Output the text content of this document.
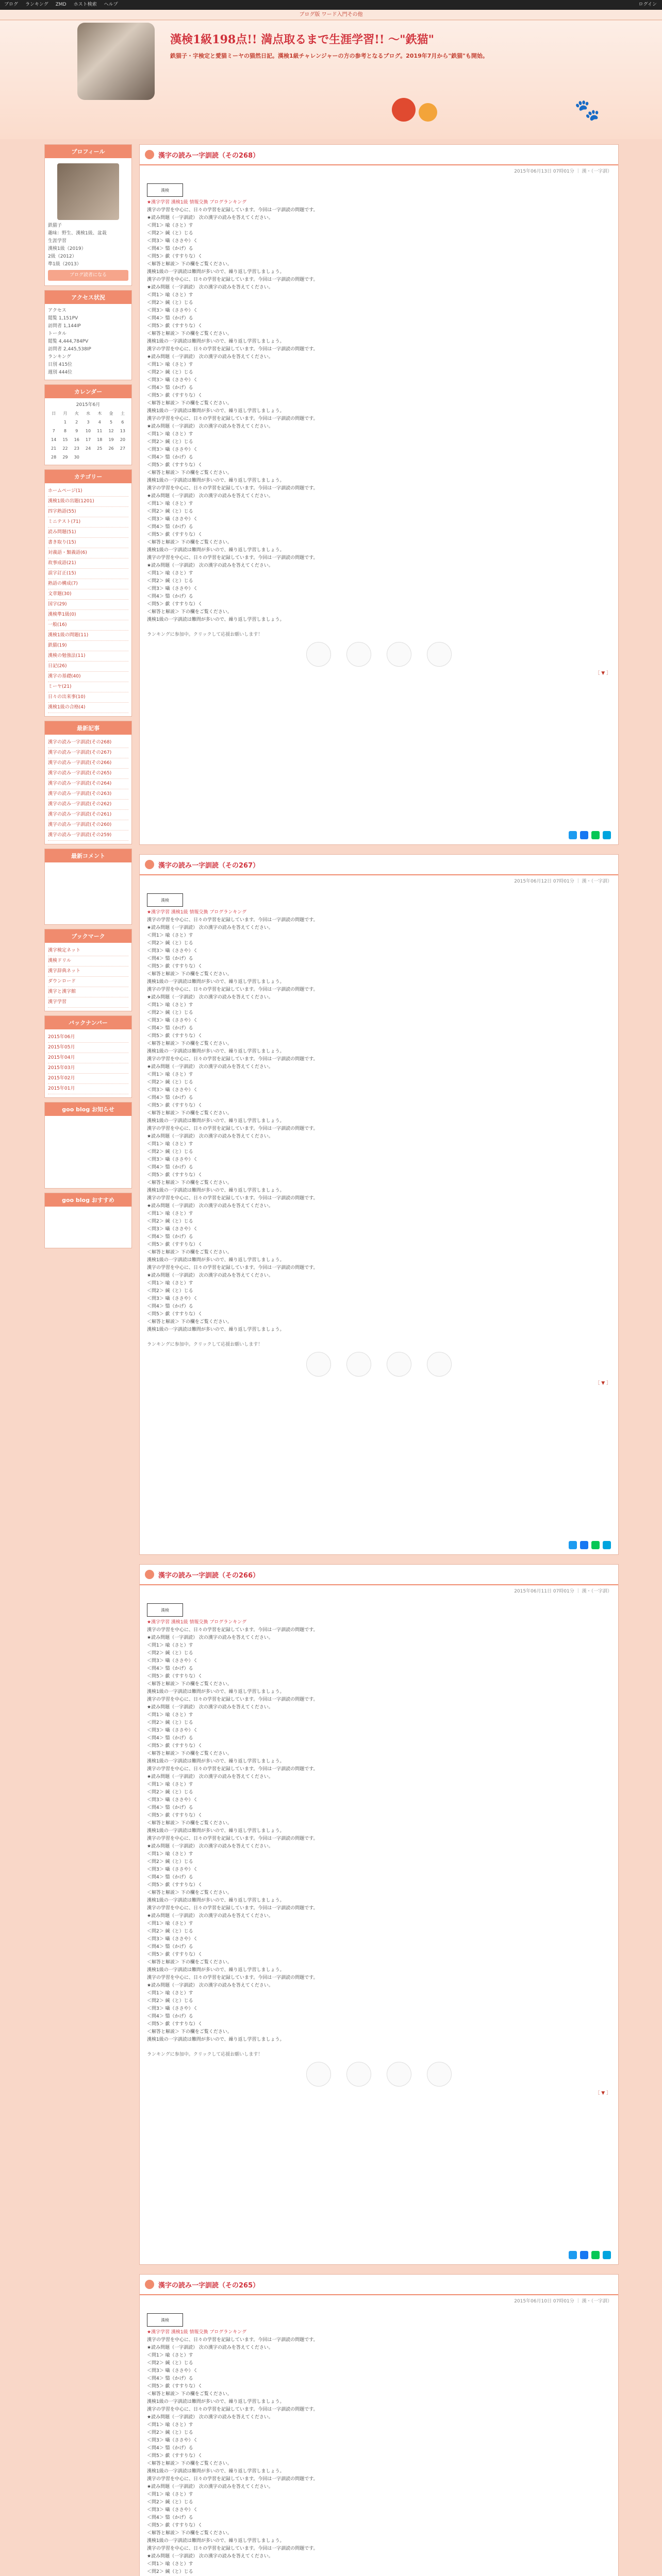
ブログ ランキング ZMD ホスト検索 ヘルプ	ログイン
ブログ版 ワード入門その他
漢検1級198点!! 満点取るまで生涯学習!! ～"鉄猫"
鉄猫子・字検定と愛猫ミーヤの猫然日記。漢検1級チャレンジャーの方の参考となるブログ。2019年7月から"鉄猫"も開始。
🐾
プロフィール
鉄猫子
趣味：野生、漢検1級、盆栽
生涯学習
漢検1級（2019）
2級（2012）
準1級（2013）
ブログ読者になる
アクセス状況
アクセス
閲覧 1,151PV
訪問者 1,144IP
トータル
閲覧 4,444,784PV
訪問者 2,445,538IP
ランキング
日別 415位
週別 444位
カレンダー
2015年6月
日	月	火	水	木	金	土
	1	2	3	4	5	6
7	8	9	10	11	12	13
14	15	16	17	18	19	20
21	22	23	24	25	26	27
28	29	30				
カテゴリー
ホームページ(1)
漢検1級の出題(1201)
四字熟語(55)
ミニテスト(71)
読み問題(51)
書き取り(15)
対義語・類義語(6)
故事成語(21)
誤字訂正(15)
熟語の構成(7)
文章題(30)
国字(29)
漢検準1級(0)
一般(16)
漢検1級の問題(11)
鉄猫(19)
漢検の勉強法(11)
日記(26)
漢字の基礎(40)
ミーヤ(21)
日々の出来事(10)
漢検1級の合格(4)
最新記事
漢字の読み一字訓読(その268)
漢字の読み一字訓読(その267)
漢字の読み一字訓読(その266)
漢字の読み一字訓読(その265)
漢字の読み一字訓読(その264)
漢字の読み一字訓読(その263)
漢字の読み一字訓読(その262)
漢字の読み一字訓読(その261)
漢字の読み一字訓読(その260)
漢字の読み一字訓読(その259)
最新コメント
ブックマーク
漢字検定ネット
漢検ドリル
漢字辞典ネット
ダウンロード
漢字と漢字館
漢字学習
バックナンバー
2015年06月
2015年05月
2015年04月
2015年03月
2015年02月
2015年01月
goo blog お知らせ
goo blog おすすめ
漢字の読み一字訓読（その268）
2015年06月13日 07時01分 ｜ 漢・（一字訓）
漢検
★漢字学習 漢検1級 情報交換 ブログランキング
漢字の学習を中心に、日々の学習を記録しています。今回は一字訓読の問題です。
★読み問題（一字訓読） 次の漢字の読みを答えてください。
＜問1＞ 喩（さと）す
＜問2＞ 緘（と）じる
＜問3＞ 囁（ささや）く
＜問4＞ 翳（かげ）る
＜問5＞ 歔（すすりな）く
＜解答と解説＞ 下の欄をご覧ください。
漢検1級の一字訓読は難問が多いので、繰り返し学習しましょう。
漢字の学習を中心に、日々の学習を記録しています。今回は一字訓読の問題です。
★読み問題（一字訓読） 次の漢字の読みを答えてください。
＜問1＞ 喩（さと）す
＜問2＞ 緘（と）じる
＜問3＞ 囁（ささや）く
＜問4＞ 翳（かげ）る
＜問5＞ 歔（すすりな）く
＜解答と解説＞ 下の欄をご覧ください。
漢検1級の一字訓読は難問が多いので、繰り返し学習しましょう。
漢字の学習を中心に、日々の学習を記録しています。今回は一字訓読の問題です。
★読み問題（一字訓読） 次の漢字の読みを答えてください。
＜問1＞ 喩（さと）す
＜問2＞ 緘（と）じる
＜問3＞ 囁（ささや）く
＜問4＞ 翳（かげ）る
＜問5＞ 歔（すすりな）く
＜解答と解説＞ 下の欄をご覧ください。
漢検1級の一字訓読は難問が多いので、繰り返し学習しましょう。
漢字の学習を中心に、日々の学習を記録しています。今回は一字訓読の問題です。
★読み問題（一字訓読） 次の漢字の読みを答えてください。
＜問1＞ 喩（さと）す
＜問2＞ 緘（と）じる
＜問3＞ 囁（ささや）く
＜問4＞ 翳（かげ）る
＜問5＞ 歔（すすりな）く
＜解答と解説＞ 下の欄をご覧ください。
漢検1級の一字訓読は難問が多いので、繰り返し学習しましょう。
漢字の学習を中心に、日々の学習を記録しています。今回は一字訓読の問題です。
★読み問題（一字訓読） 次の漢字の読みを答えてください。
＜問1＞ 喩（さと）す
＜問2＞ 緘（と）じる
＜問3＞ 囁（ささや）く
＜問4＞ 翳（かげ）る
＜問5＞ 歔（すすりな）く
＜解答と解説＞ 下の欄をご覧ください。
漢検1級の一字訓読は難問が多いので、繰り返し学習しましょう。
漢字の学習を中心に、日々の学習を記録しています。今回は一字訓読の問題です。
★読み問題（一字訓読） 次の漢字の読みを答えてください。
＜問1＞ 喩（さと）す
＜問2＞ 緘（と）じる
＜問3＞ 囁（ささや）く
＜問4＞ 翳（かげ）る
＜問5＞ 歔（すすりな）く
＜解答と解説＞ 下の欄をご覧ください。
漢検1級の一字訓読は難問が多いので、繰り返し学習しましょう。
ランキングに参加中。クリックして応援お願いします！
［ ▼ ］
漢字の読み一字訓読（その267）
2015年06月12日 07時01分 ｜ 漢・（一字訓）
漢検
★漢字学習 漢検1級 情報交換 ブログランキング
漢字の学習を中心に、日々の学習を記録しています。今回は一字訓読の問題です。
★読み問題（一字訓読） 次の漢字の読みを答えてください。
＜問1＞ 喩（さと）す
＜問2＞ 緘（と）じる
＜問3＞ 囁（ささや）く
＜問4＞ 翳（かげ）る
＜問5＞ 歔（すすりな）く
＜解答と解説＞ 下の欄をご覧ください。
漢検1級の一字訓読は難問が多いので、繰り返し学習しましょう。
漢字の学習を中心に、日々の学習を記録しています。今回は一字訓読の問題です。
★読み問題（一字訓読） 次の漢字の読みを答えてください。
＜問1＞ 喩（さと）す
＜問2＞ 緘（と）じる
＜問3＞ 囁（ささや）く
＜問4＞ 翳（かげ）る
＜問5＞ 歔（すすりな）く
＜解答と解説＞ 下の欄をご覧ください。
漢検1級の一字訓読は難問が多いので、繰り返し学習しましょう。
漢字の学習を中心に、日々の学習を記録しています。今回は一字訓読の問題です。
★読み問題（一字訓読） 次の漢字の読みを答えてください。
＜問1＞ 喩（さと）す
＜問2＞ 緘（と）じる
＜問3＞ 囁（ささや）く
＜問4＞ 翳（かげ）る
＜問5＞ 歔（すすりな）く
＜解答と解説＞ 下の欄をご覧ください。
漢検1級の一字訓読は難問が多いので、繰り返し学習しましょう。
漢字の学習を中心に、日々の学習を記録しています。今回は一字訓読の問題です。
★読み問題（一字訓読） 次の漢字の読みを答えてください。
＜問1＞ 喩（さと）す
＜問2＞ 緘（と）じる
＜問3＞ 囁（ささや）く
＜問4＞ 翳（かげ）る
＜問5＞ 歔（すすりな）く
＜解答と解説＞ 下の欄をご覧ください。
漢検1級の一字訓読は難問が多いので、繰り返し学習しましょう。
漢字の学習を中心に、日々の学習を記録しています。今回は一字訓読の問題です。
★読み問題（一字訓読） 次の漢字の読みを答えてください。
＜問1＞ 喩（さと）す
＜問2＞ 緘（と）じる
＜問3＞ 囁（ささや）く
＜問4＞ 翳（かげ）る
＜問5＞ 歔（すすりな）く
＜解答と解説＞ 下の欄をご覧ください。
漢検1級の一字訓読は難問が多いので、繰り返し学習しましょう。
漢字の学習を中心に、日々の学習を記録しています。今回は一字訓読の問題です。
★読み問題（一字訓読） 次の漢字の読みを答えてください。
＜問1＞ 喩（さと）す
＜問2＞ 緘（と）じる
＜問3＞ 囁（ささや）く
＜問4＞ 翳（かげ）る
＜問5＞ 歔（すすりな）く
＜解答と解説＞ 下の欄をご覧ください。
漢検1級の一字訓読は難問が多いので、繰り返し学習しましょう。
ランキングに参加中。クリックして応援お願いします！
［ ▼ ］
漢字の読み一字訓読（その266）
2015年06月11日 07時01分 ｜ 漢・（一字訓）
漢検
★漢字学習 漢検1級 情報交換 ブログランキング
漢字の学習を中心に、日々の学習を記録しています。今回は一字訓読の問題です。
★読み問題（一字訓読） 次の漢字の読みを答えてください。
＜問1＞ 喩（さと）す
＜問2＞ 緘（と）じる
＜問3＞ 囁（ささや）く
＜問4＞ 翳（かげ）る
＜問5＞ 歔（すすりな）く
＜解答と解説＞ 下の欄をご覧ください。
漢検1級の一字訓読は難問が多いので、繰り返し学習しましょう。
漢字の学習を中心に、日々の学習を記録しています。今回は一字訓読の問題です。
★読み問題（一字訓読） 次の漢字の読みを答えてください。
＜問1＞ 喩（さと）す
＜問2＞ 緘（と）じる
＜問3＞ 囁（ささや）く
＜問4＞ 翳（かげ）る
＜問5＞ 歔（すすりな）く
＜解答と解説＞ 下の欄をご覧ください。
漢検1級の一字訓読は難問が多いので、繰り返し学習しましょう。
漢字の学習を中心に、日々の学習を記録しています。今回は一字訓読の問題です。
★読み問題（一字訓読） 次の漢字の読みを答えてください。
＜問1＞ 喩（さと）す
＜問2＞ 緘（と）じる
＜問3＞ 囁（ささや）く
＜問4＞ 翳（かげ）る
＜問5＞ 歔（すすりな）く
＜解答と解説＞ 下の欄をご覧ください。
漢検1級の一字訓読は難問が多いので、繰り返し学習しましょう。
漢字の学習を中心に、日々の学習を記録しています。今回は一字訓読の問題です。
★読み問題（一字訓読） 次の漢字の読みを答えてください。
＜問1＞ 喩（さと）す
＜問2＞ 緘（と）じる
＜問3＞ 囁（ささや）く
＜問4＞ 翳（かげ）る
＜問5＞ 歔（すすりな）く
＜解答と解説＞ 下の欄をご覧ください。
漢検1級の一字訓読は難問が多いので、繰り返し学習しましょう。
漢字の学習を中心に、日々の学習を記録しています。今回は一字訓読の問題です。
★読み問題（一字訓読） 次の漢字の読みを答えてください。
＜問1＞ 喩（さと）す
＜問2＞ 緘（と）じる
＜問3＞ 囁（ささや）く
＜問4＞ 翳（かげ）る
＜問5＞ 歔（すすりな）く
＜解答と解説＞ 下の欄をご覧ください。
漢検1級の一字訓読は難問が多いので、繰り返し学習しましょう。
漢字の学習を中心に、日々の学習を記録しています。今回は一字訓読の問題です。
★読み問題（一字訓読） 次の漢字の読みを答えてください。
＜問1＞ 喩（さと）す
＜問2＞ 緘（と）じる
＜問3＞ 囁（ささや）く
＜問4＞ 翳（かげ）る
＜問5＞ 歔（すすりな）く
＜解答と解説＞ 下の欄をご覧ください。
漢検1級の一字訓読は難問が多いので、繰り返し学習しましょう。
ランキングに参加中。クリックして応援お願いします！
［ ▼ ］
漢字の読み一字訓読（その265）
2015年06月10日 07時01分 ｜ 漢・（一字訓）
漢検
★漢字学習 漢検1級 情報交換 ブログランキング
漢字の学習を中心に、日々の学習を記録しています。今回は一字訓読の問題です。
★読み問題（一字訓読） 次の漢字の読みを答えてください。
＜問1＞ 喩（さと）す
＜問2＞ 緘（と）じる
＜問3＞ 囁（ささや）く
＜問4＞ 翳（かげ）る
＜問5＞ 歔（すすりな）く
＜解答と解説＞ 下の欄をご覧ください。
漢検1級の一字訓読は難問が多いので、繰り返し学習しましょう。
漢字の学習を中心に、日々の学習を記録しています。今回は一字訓読の問題です。
★読み問題（一字訓読） 次の漢字の読みを答えてください。
＜問1＞ 喩（さと）す
＜問2＞ 緘（と）じる
＜問3＞ 囁（ささや）く
＜問4＞ 翳（かげ）る
＜問5＞ 歔（すすりな）く
＜解答と解説＞ 下の欄をご覧ください。
漢検1級の一字訓読は難問が多いので、繰り返し学習しましょう。
漢字の学習を中心に、日々の学習を記録しています。今回は一字訓読の問題です。
★読み問題（一字訓読） 次の漢字の読みを答えてください。
＜問1＞ 喩（さと）す
＜問2＞ 緘（と）じる
＜問3＞ 囁（ささや）く
＜問4＞ 翳（かげ）る
＜問5＞ 歔（すすりな）く
＜解答と解説＞ 下の欄をご覧ください。
漢検1級の一字訓読は難問が多いので、繰り返し学習しましょう。
漢字の学習を中心に、日々の学習を記録しています。今回は一字訓読の問題です。
★読み問題（一字訓読） 次の漢字の読みを答えてください。
＜問1＞ 喩（さと）す
＜問2＞ 緘（と）じる
